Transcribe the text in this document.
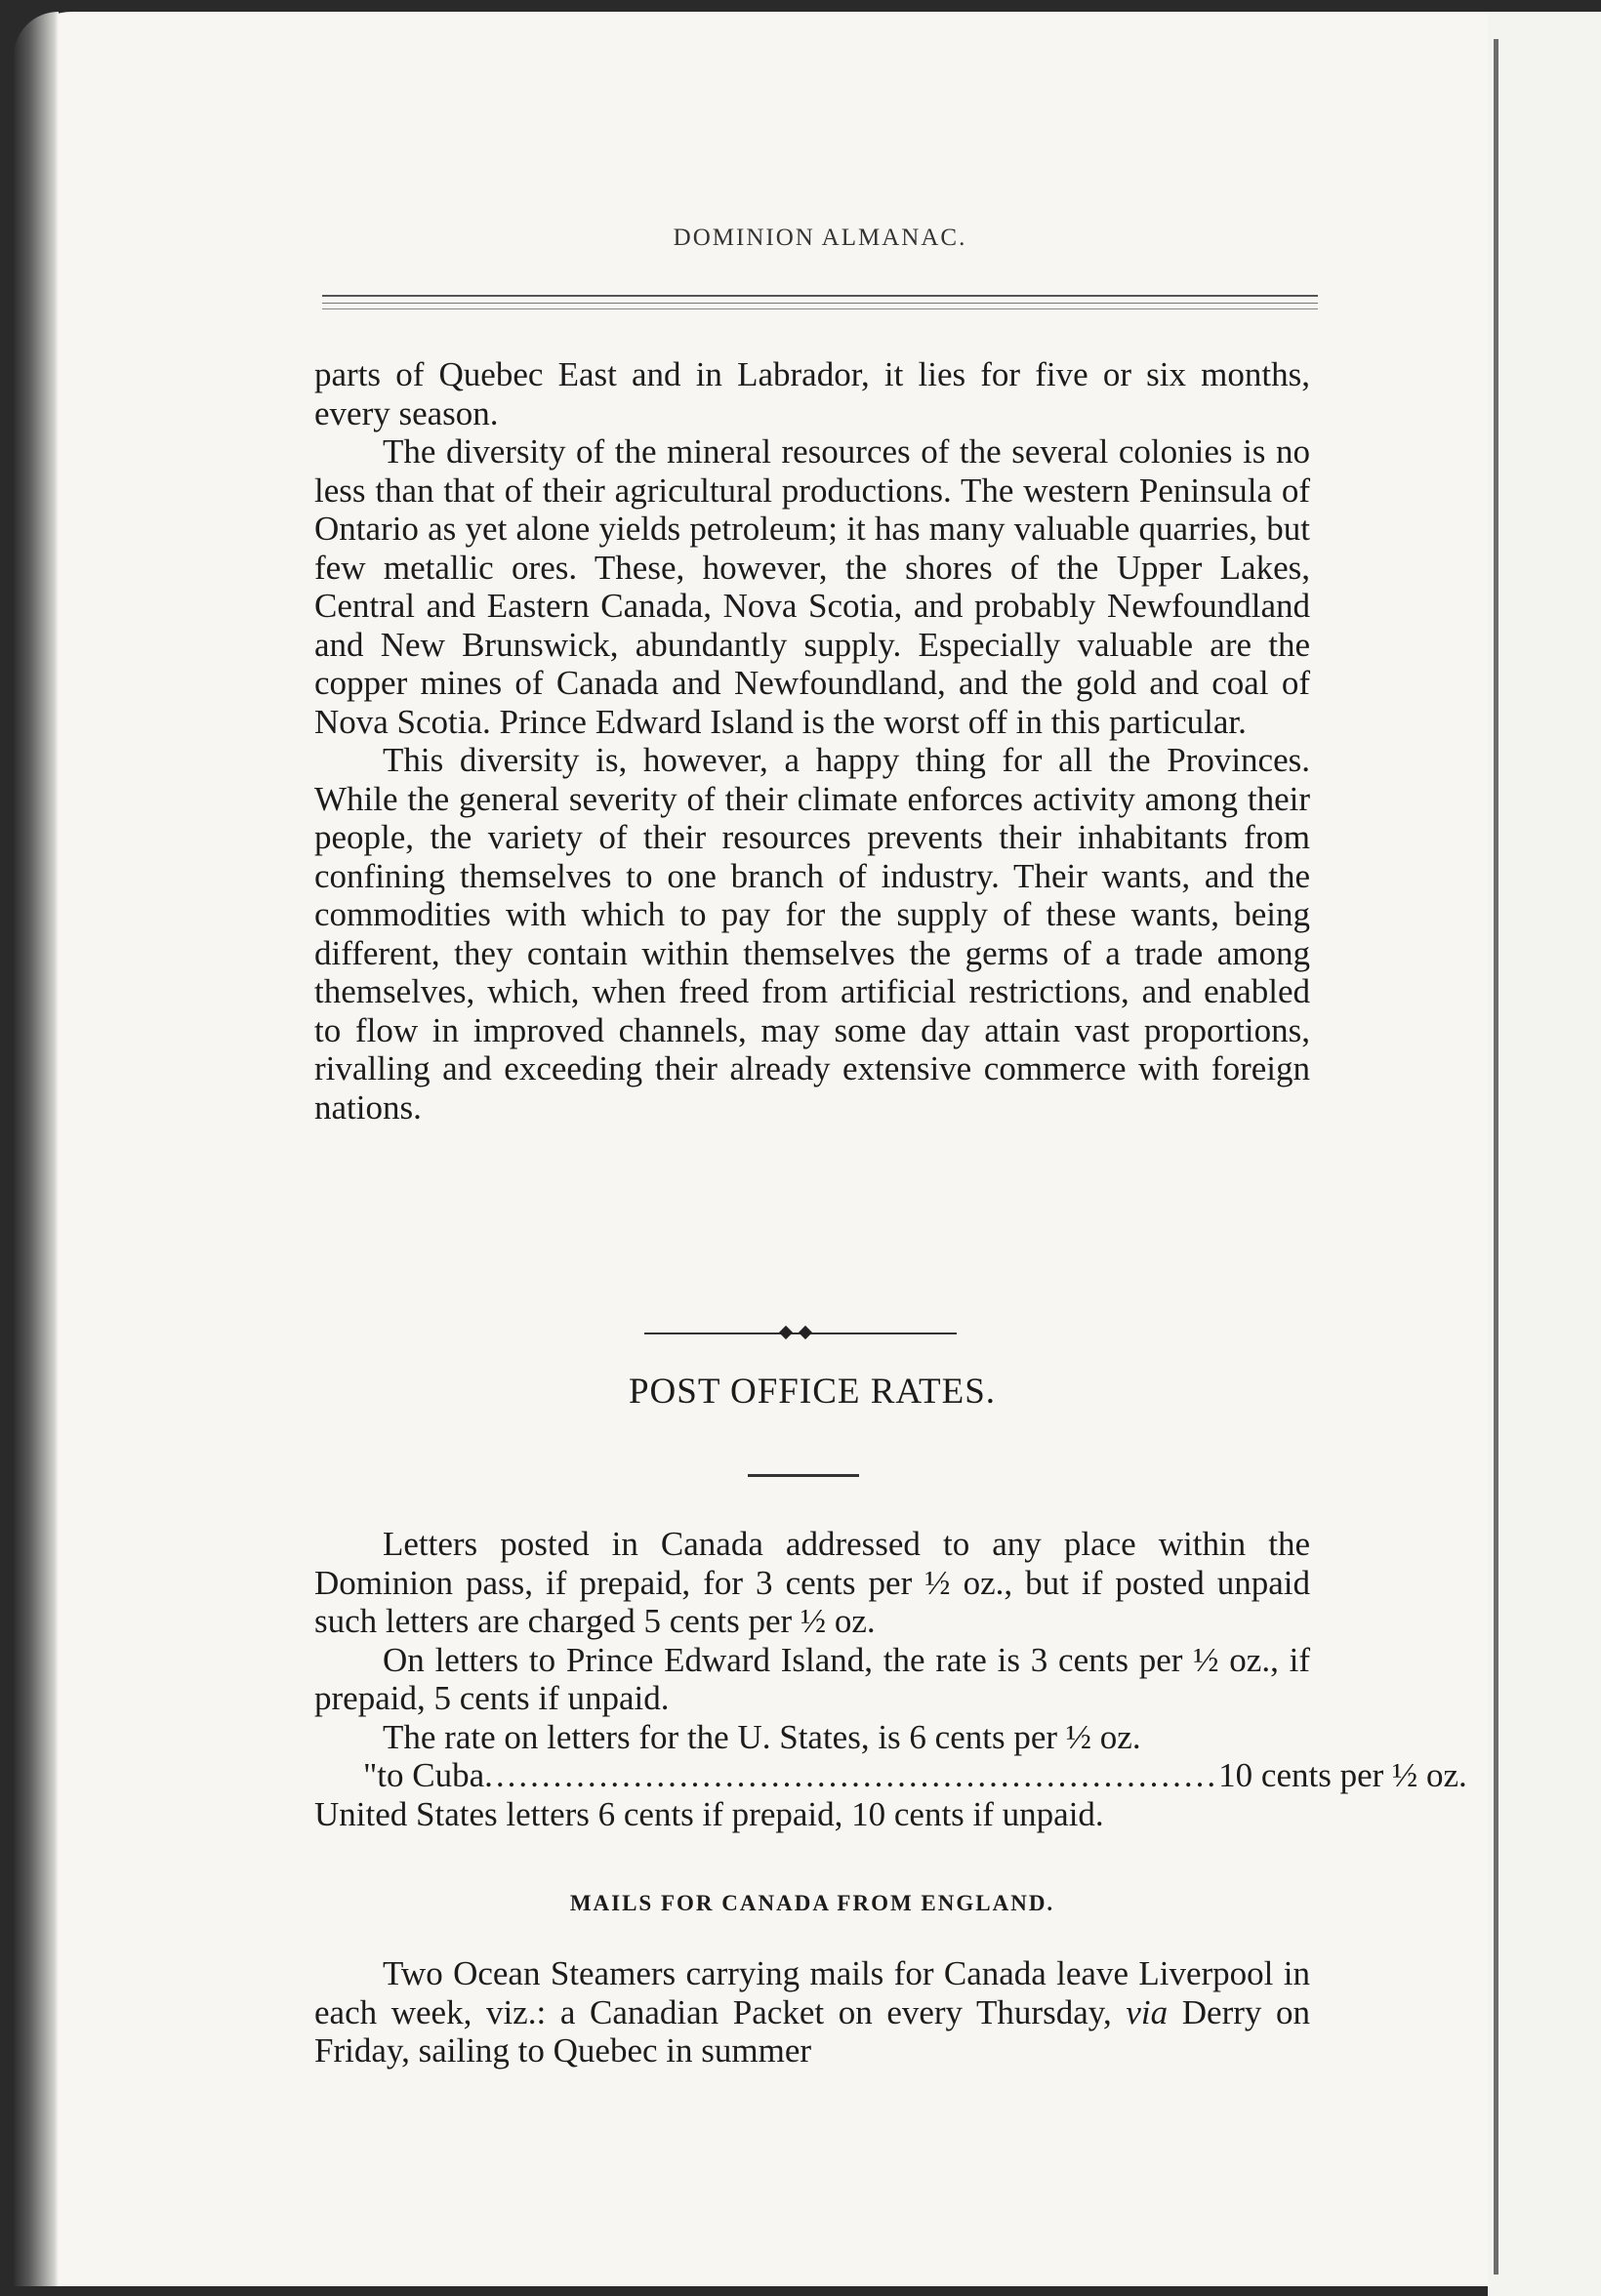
DOMINION ALMANAC.

parts of Quebec East and in Labrador, it lies for five or six months, every season.

The diversity of the mineral resources of the several colonies is no less than that of their agricultural productions. The western Peninsula of Ontario as yet alone yields petroleum; it has many valuable quarries, but few metallic ores. These, however, the shores of the Upper Lakes, Central and Eastern Canada, Nova Scotia, and probably Newfoundland and New Brunswick, abundantly supply. Especially valuable are the copper mines of Canada and Newfoundland, and the gold and coal of Nova Scotia. Prince Edward Island is the worst off in this particular.

This diversity is, however, a happy thing for all the Provinces. While the general severity of their climate enforces activity among their people, the variety of their resources prevents their inhabitants from confining themselves to one branch of industry. Their wants, and the commodities with which to pay for the supply of these wants, being different, they contain within themselves the germs of a trade among themselves, which, when freed from artificial restrictions, and enabled to flow in improved channels, may some day attain vast proportions, rivalling and exceeding their already extensive commerce with foreign nations.

POST OFFICE RATES.

Letters posted in Canada addressed to any place within the Dominion pass, if prepaid, for 3 cents per ½ oz., but if posted unpaid such letters are charged 5 cents per ½ oz.

On letters to Prince Edward Island, the rate is 3 cents per ½ oz., if prepaid, 5 cents if unpaid.

The rate on letters for the U. States, is 6 cents per ½ oz.

" to Cuba ................................................................ 10 cents per ½ oz.

United States letters 6 cents if prepaid, 10 cents if unpaid.

MAILS FOR CANADA FROM ENGLAND.

Two Ocean Steamers carrying mails for Canada leave Liverpool in each week, viz.: a Canadian Packet on every Thursday, via Derry on Friday, sailing to Quebec in summer
